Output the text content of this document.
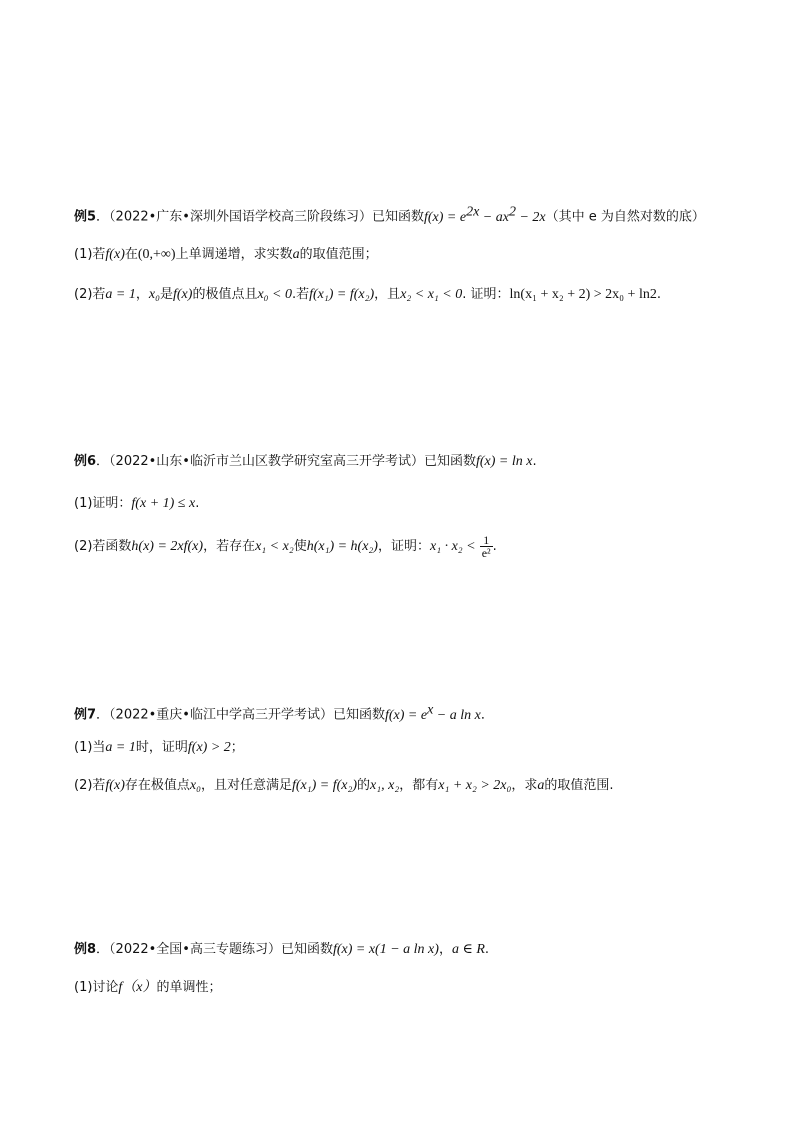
例5．（2022•广东•深圳外国语学校高三阶段练习）已知函数$f(x) = e^{2x} - ax^2 - 2x$（其中 e 为自然对数的底）
(1)若f(x)在(0,+∞)上单调递增，求实数a的取值范围；
(2)若a = 1，x₀是f(x)的极值点且x₀ < 0.若f(x₁) = f(x₂)，且x₂ < x₁ < 0. 证明：ln(x₁ + x₂ + 2) > 2x₀ + ln2.
例6．（2022•山东•临沂市兰山区教学研究室高三开学考试）已知函数f(x) = ln x.
(1)证明：f(x + 1) ≤ x.
(2)若函数h(x) = 2xf(x)，若存在x₁ < x₂使h(x₁) = h(x₂)，证明：$x_1 \cdot x_2 < \frac{1}{\text{e²}}$ .
例7．（2022•重庆•临江中学高三开学考试）已知函数$f(x) = e^x - a$ ln x．
(1)当a = 1时，证明f(x) > 2；
(2)若f(x)存在极值点x₀，且对任意满足f(x₁) = f(x₂)的x₁, x₂，都有x₁ + x₂ > 2x₀，求a的取值范围.
例8．（2022•全国•高三专题练习）已知函数f(x) = x(1 − a ln x)，a ∈ R.
(1)讨论f（x）的单调性；
